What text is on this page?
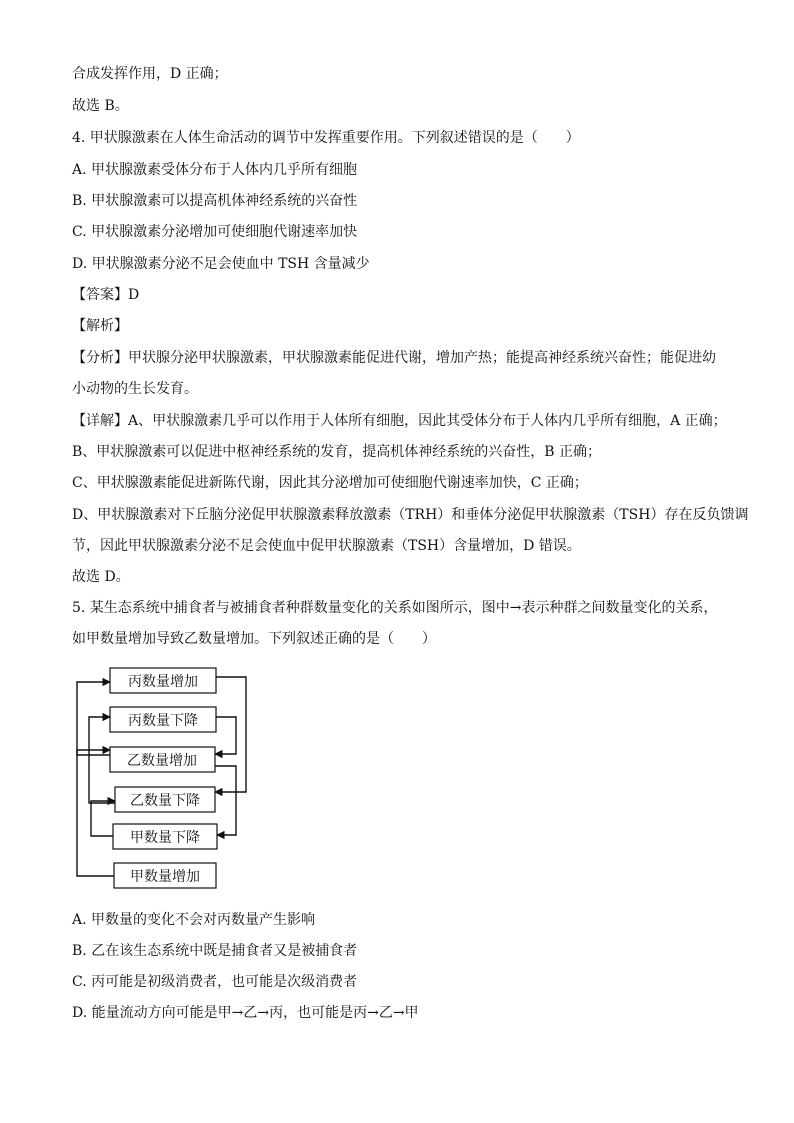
合成发挥作用，D 正确；
故选 B。
4. 甲状腺激素在人体生命活动的调节中发挥重要作用。下列叙述错误的是（　　）
A. 甲状腺激素受体分布于人体内几乎所有细胞
B. 甲状腺激素可以提高机体神经系统的兴奋性
C. 甲状腺激素分泌增加可使细胞代谢速率加快
D. 甲状腺激素分泌不足会使血中 TSH 含量减少
【答案】D
【解析】
【分析】甲状腺分泌甲状腺激素，甲状腺激素能促进代谢，增加产热；能提高神经系统兴奋性；能促进幼
小动物的生长发育。
【详解】A、甲状腺激素几乎可以作用于人体所有细胞，因此其受体分布于人体内几乎所有细胞，A 正确；
B、甲状腺激素可以促进中枢神经系统的发育，提高机体神经系统的兴奋性，B 正确；
C、甲状腺激素能促进新陈代谢，因此其分泌增加可使细胞代谢速率加快，C 正确；
D、甲状腺激素对下丘脑分泌促甲状腺激素释放激素（TRH）和垂体分泌促甲状腺激素（TSH）存在反负馈调
节，因此甲状腺激素分泌不足会使血中促甲状腺激素（TSH）含量增加，D 错误。
故选 D。
5. 某生态系统中捕食者与被捕食者种群数量变化的关系如图所示，图中→表示种群之间数量变化的关系，
如甲数量增加导致乙数量增加。下列叙述正确的是（　　）
丙数量增加
丙数量下降
乙数量增加
乙数量下降
甲数量下降
甲数量增加
A. 甲数量的变化不会对丙数量产生影响
B. 乙在该生态系统中既是捕食者又是被捕食者
C. 丙可能是初级消费者，也可能是次级消费者
D. 能量流动方向可能是甲→乙→丙，也可能是丙→乙→甲
